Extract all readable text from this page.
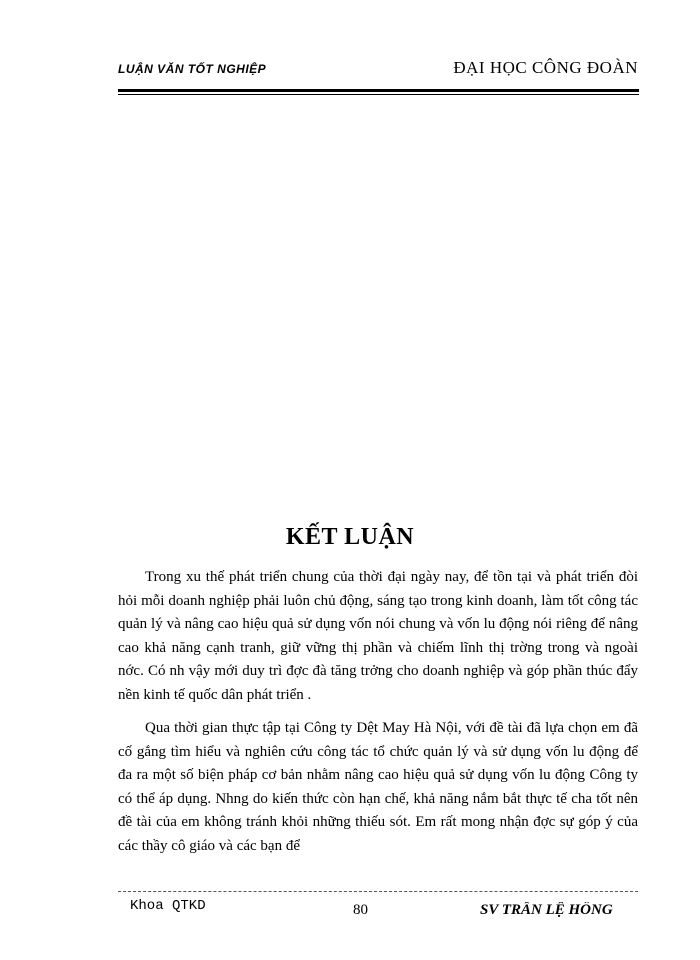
LUẬN VĂN TỐT NGHIỆP	ĐẠI HỌC CÔNG ĐOÀN
KẾT LUẬN

Trong xu thế phát triển chung của thời đại ngày nay, để tồn tại và phát triển đòi hỏi mỗi doanh nghiệp phải luôn chủ động, sáng tạo trong kinh doanh, làm tốt công tác quản lý và nâng cao hiệu quả sử dụng vốn nói chung và vốn lu động nói riêng để nâng cao khả năng cạnh tranh, giữ vững thị phần và chiếm lĩnh thị trờng trong và ngoài nớc. Có nh vậy mới duy trì đợc đà tăng trởng cho doanh nghiệp và góp phần thúc đẩy nền kinh tế quốc dân phát triển .

Qua thời gian thực tập tại Công ty Dệt May Hà Nội, với đề tài đã lựa chọn em đã cố gắng tìm hiểu và nghiên cứu công tác tổ chức quản lý và sử dụng vốn lu động để đa ra một số biện pháp cơ bản nhằm nâng cao hiệu quả sử dụng vốn lu động Công ty có thể áp dụng. Nhng do kiến thức còn hạn chế, khả năng nắm bắt thực tế cha tốt nên đề tài của em không tránh khỏi những thiếu sót. Em rất mong nhận đợc sự góp ý của các thầy cô giáo và các bạn để

Khoa QTKD	80	SV TRẦN LỆ HỒNG
